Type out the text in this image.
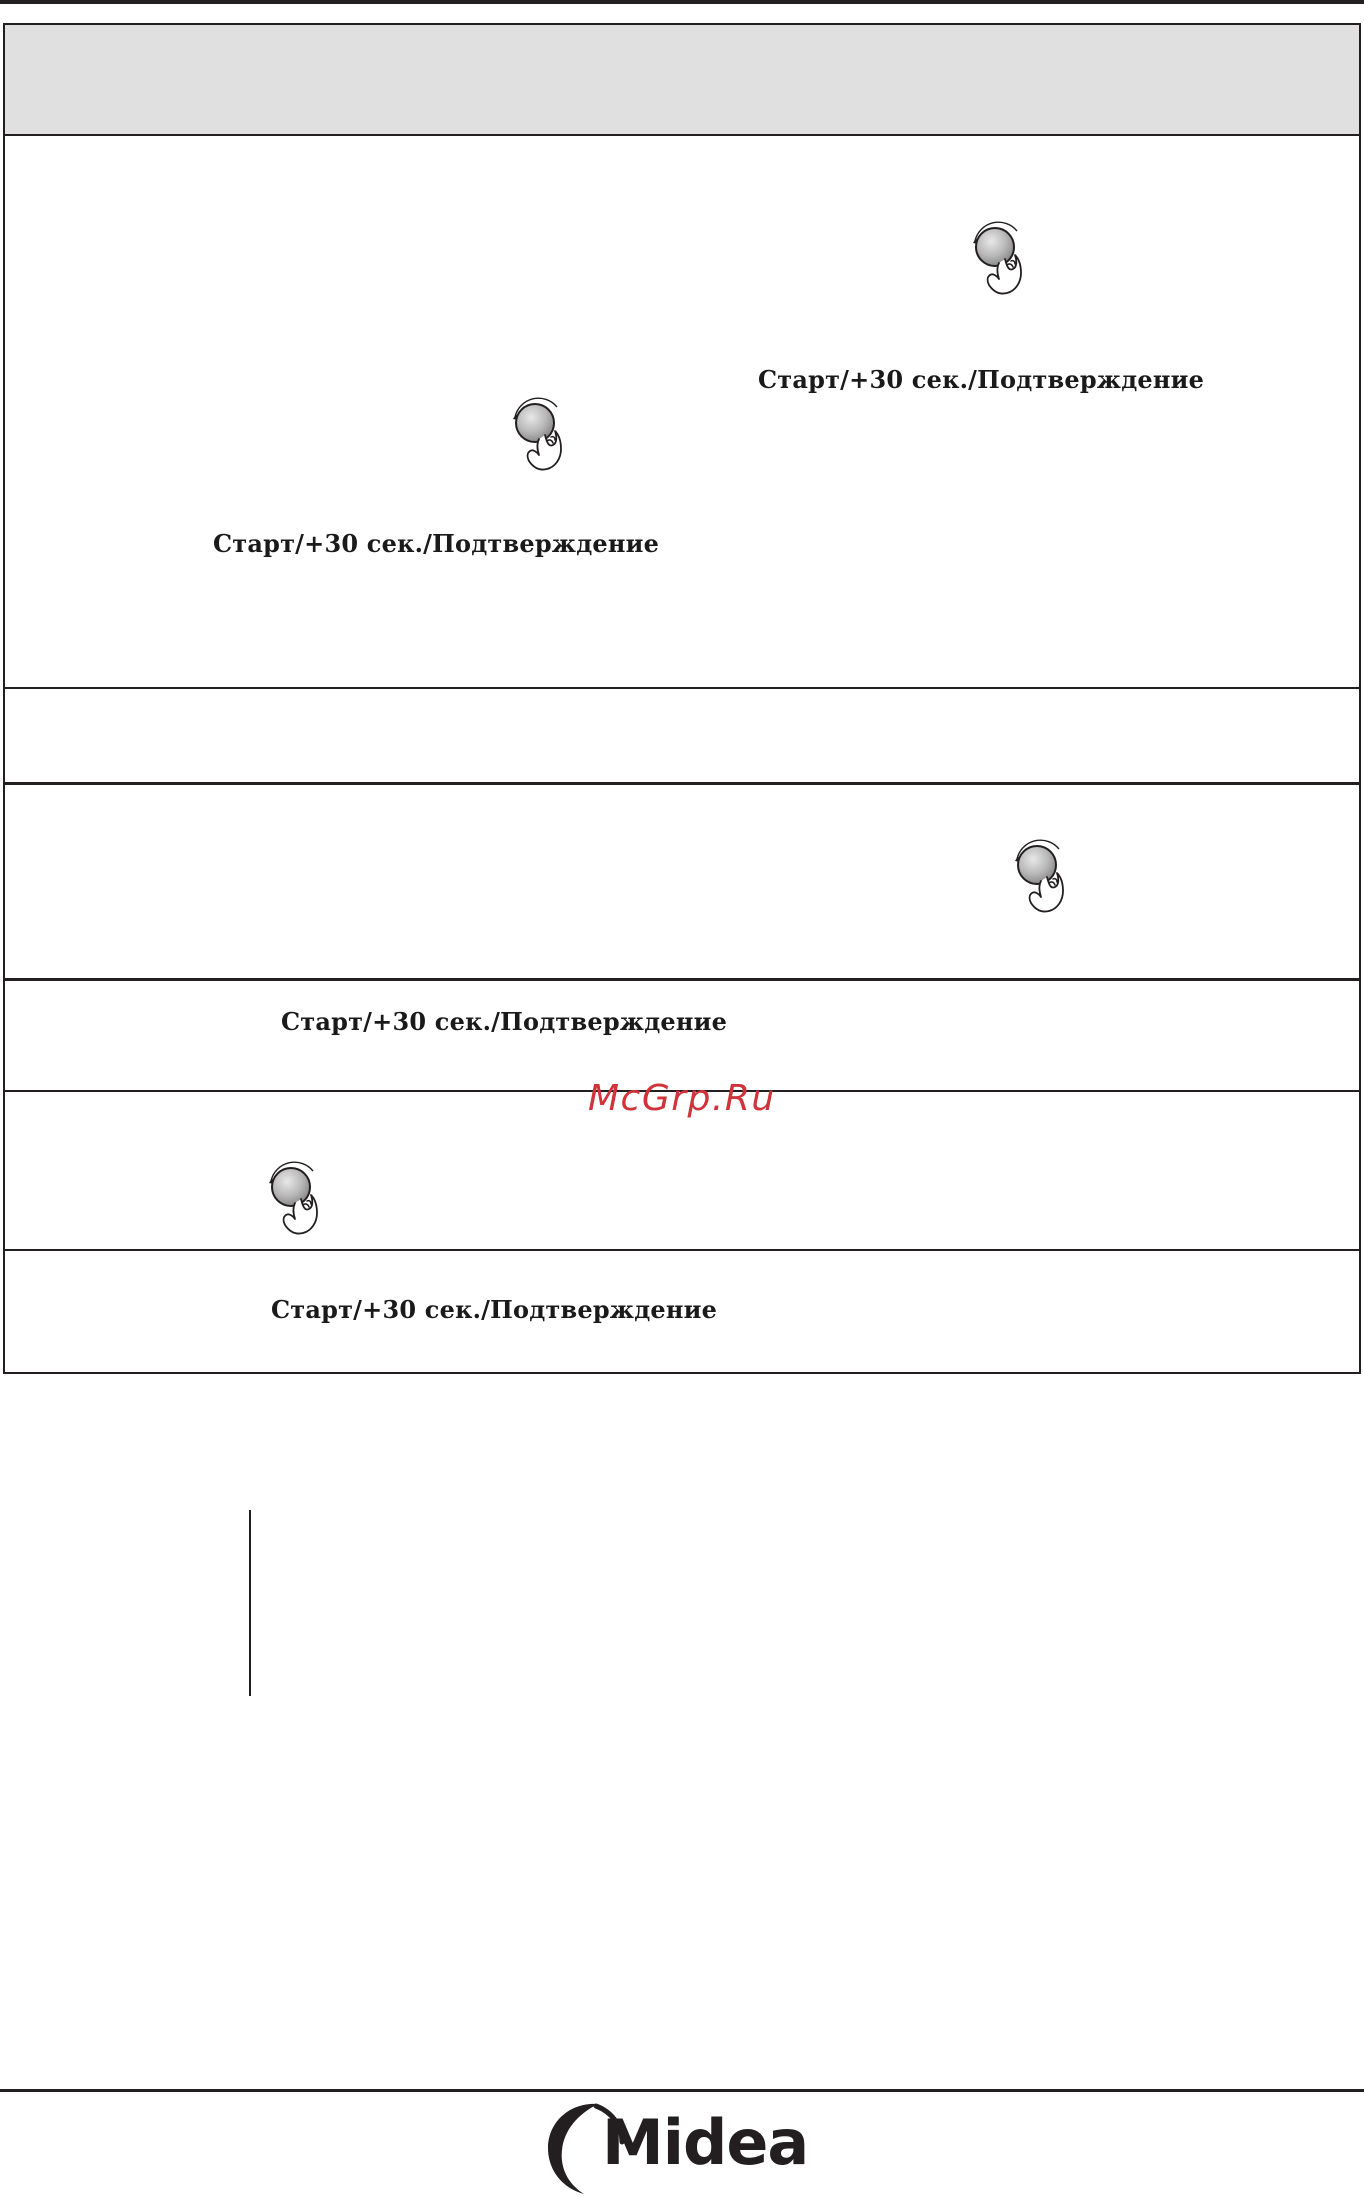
Старт/+30 сек./Подтверждение
Старт/+30 сек./Подтверждение
Старт/+30 сек./Подтверждение
Старт/+30 сек./Подтверждение
McGrp.Ru
Midea
